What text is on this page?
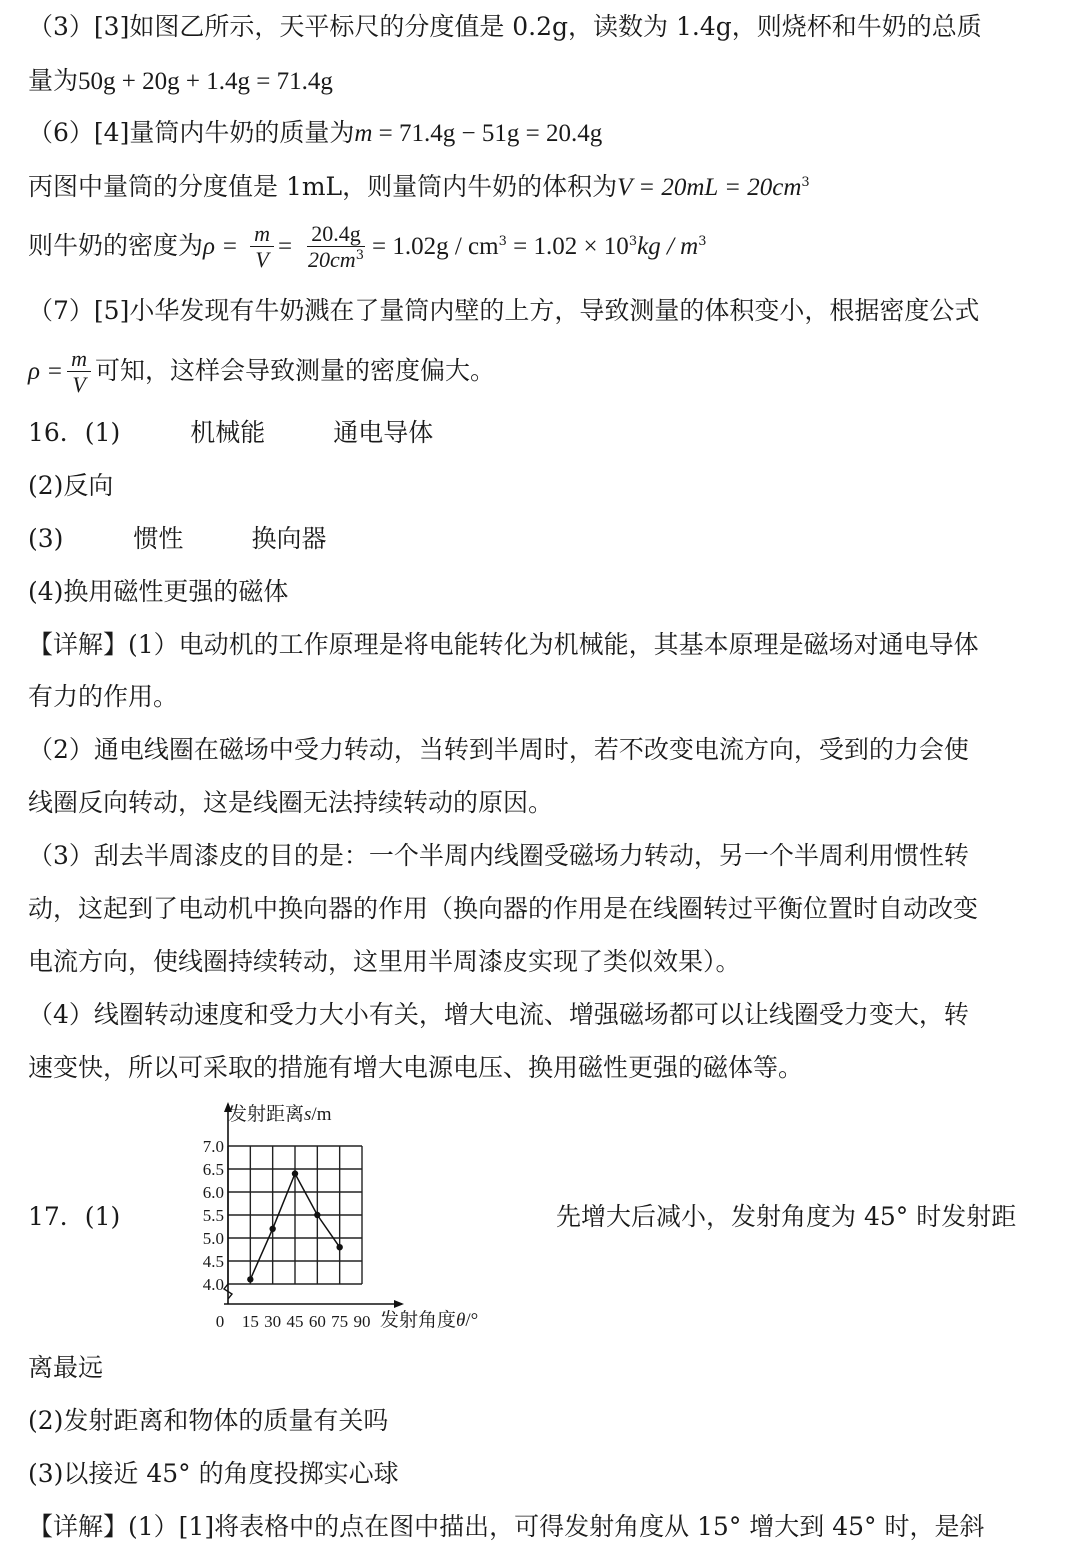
（3）[3]如图乙所示，天平标尺的分度值是 0.2g，读数为 1.4g，则烧杯和牛奶的总质
量为50g + 20g + 1.4g = 71.4g
（6）[4]量筒内牛奶的质量为m = 71.4g − 51g = 20.4g
丙图中量筒的分度值是 1mL，则量筒内牛奶的体积为$V = 20mL = 20cm^3$
则牛奶的密度为$\rho = \frac{m}{V} = \frac{20.4g}{20cm^3} = 1.02g / cm^3 = 1.02 \times 10^3kg / m^3$
（7）[5]小华发现有牛奶溅在了量筒内壁的上方，导致测量的体积变小，根据密度公式
$\rho = \frac{m}{V}$ 可知，这样会导致测量的密度偏大。
16．(1)	机械能	通电导体
(2)反向
(3)	惯性	换向器
(4)换用磁性更强的磁体
【详解】(1）电动机的工作原理是将电能转化为机械能，其基本原理是磁场对通电导体
有力的作用。
（2）通电线圈在磁场中受力转动，当转到半周时，若不改变电流方向，受到的力会使
线圈反向转动，这是线圈无法持续转动的原因。
（3）刮去半周漆皮的目的是：一个半周内线圈受磁场力转动，另一个半周利用惯性转
动，这起到了电动机中换向器的作用（换向器的作用是在线圈转过平衡位置时自动改变
电流方向，使线圈持续转动，这里用半周漆皮实现了类似效果）。
（4）线圈转动速度和受力大小有关，增大电流、增强磁场都可以让线圈受力变大，转
速变快，所以可采取的措施有增大电源电压、换用磁性更强的磁体等。
17．(1)	先增大后减小，发射角度为 45° 时发射距
4.0
4.5
5.0
5.5
6.0
6.5
7.0
0 15 30 45 60 75 90
发射距离s/m
发射角度θ/°
离最远
(2)发射距离和物体的质量有关吗
(3)以接近 45° 的角度投掷实心球
【详解】(1）[1]将表格中的点在图中描出，可得发射角度从 15° 增大到 45° 时，是斜
